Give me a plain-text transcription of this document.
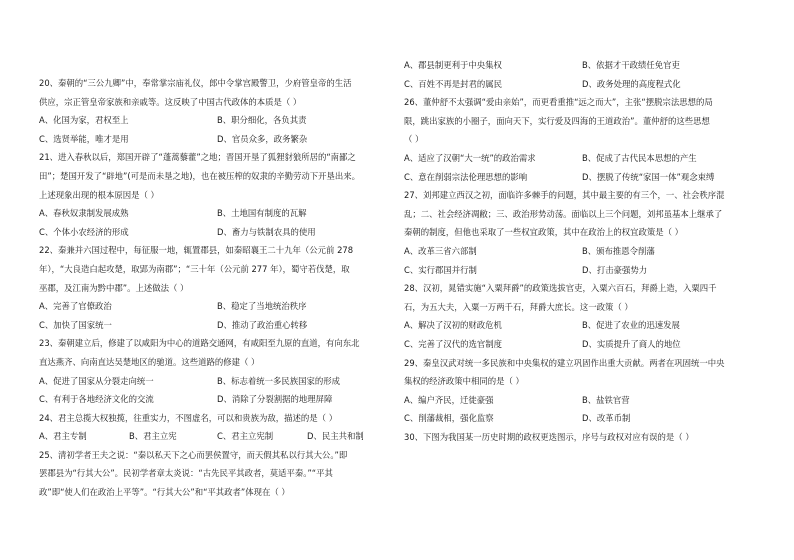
20、秦朝的“三公九卿”中，奉常掌宗庙礼仪，郎中令掌宫殿警卫，少府管皇帝的生活
供应，宗正管皇帝家族和亲戚等。这反映了中国古代政体的本质是（ ）
A、化国为家，君权至上	B、职分细化，各负其责
C、选贤举能，唯才是用	D、官员众多，政务繁杂
21、进入春秋以后，郑国开辟了“蓬蒿藜藿”之地；晋国开垦了狐狸豺狼所居的“南鄙之
田”；楚国开发了“辟地”(可是而未垦之地)，也在被压榨的奴隶的辛勤劳动下开垦出来。
上述现象出现的根本原因是（ ）
A、春秋奴隶制发展成熟	B、土地国有制度的瓦解
C、个体小农经济的形成	D、畜力与铁制农具的使用
22、秦兼并六国过程中，每征服一地，辄置郡县，如秦昭襄王二十九年（公元前 278
年），“大良造白起攻楚，取郢为南郡”；“三十年（公元前 277 年），蜀守若伐楚，取
巫郡，及江南为黔中郡”。上述做法（ ）
A、完善了官僚政治	B、稳定了当地统治秩序
C、加快了国家统一	D、推动了政治重心转移
23、秦朝建立后，修建了以咸阳为中心的道路交通网，有咸阳至九原的直道，有向东北
直达燕齐、向南直达吴楚地区的驰道。这些道路的修建（ ）
A、促进了国家从分裂走向统一	B、标志着统一多民族国家的形成
C、有利于各地经济文化的交流	D、消除了分裂割据的地理屏障
24、君主总揽大权独揽，往重实力，不图虚名，可以和贵族为敌，描述的是（ ）
A、君主专制	B、君主立宪	C、君主立宪制	D、民主共和制
25、清初学者王夫之说：“秦以私天下之心而罢侯置守，而天假其私以行其大公。”即
罢郡县为“行其大公”。民初学者章太炎说：“古先民平其政者，莫适平秦。”“平其
政”即“使人们在政治上平等”。“行其大公”和“平其政者”体现在（ ）
A、郡县制更利于中央集权	B、依据才干政绩任免官吏
C、百姓不再是封君的属民	D、政务处理的高度程式化
26、董仲舒不太强调“爱由亲始”，而更看重推“远之而大”，主张“摆脱宗法思想的局
限，跳出家族的小圈子，面向天下，实行爱及四海的王道政治”。董仲舒的这些思想
（ ）
A、适应了汉朝“大一统”的政治需求	B、促成了古代民本思想的产生
C、意在削弱宗法伦理思想的影响	D、摆脱了传统“家国一体”观念束缚
27、刘邦建立西汉之初，面临许多棘手的问题，其中最主要的有三个，一、社会秩序混
乱；二、社会经济凋敝；三、政治形势动荡。面临以上三个问题，刘邦虽基本上继承了
秦朝的制度，但他也采取了一些权宜政策，其中在政治上的权宜政策是（ ）
A、改革三省六部制	B、颁布推恩令削藩
C、实行郡国并行制	D、打击豪强势力
28、汉初，晁错实施“入粟拜爵”的政策选拔官吏，入粟六百石，拜爵上造，入粟四千
石，为五大夫，入粟一万两千石，拜爵大庶长。这一政策（ ）
A、解决了汉初的财政危机	B、促进了农业的迅速发展
C、完善了汉代的选官制度	D、实质提升了商人的地位
29、秦皇汉武对统一多民族和中央集权的建立巩固作出重大贡献。两者在巩固统一中央
集权的经济政策中相同的是（ ）
A、编户齐民，迁徙豪强	B、盐铁官营
C、削藩裁相，强化监察	D、改革币制
30、下图为我国某一历史时期的政权更迭图示，序号与政权对应有误的是（ ）
